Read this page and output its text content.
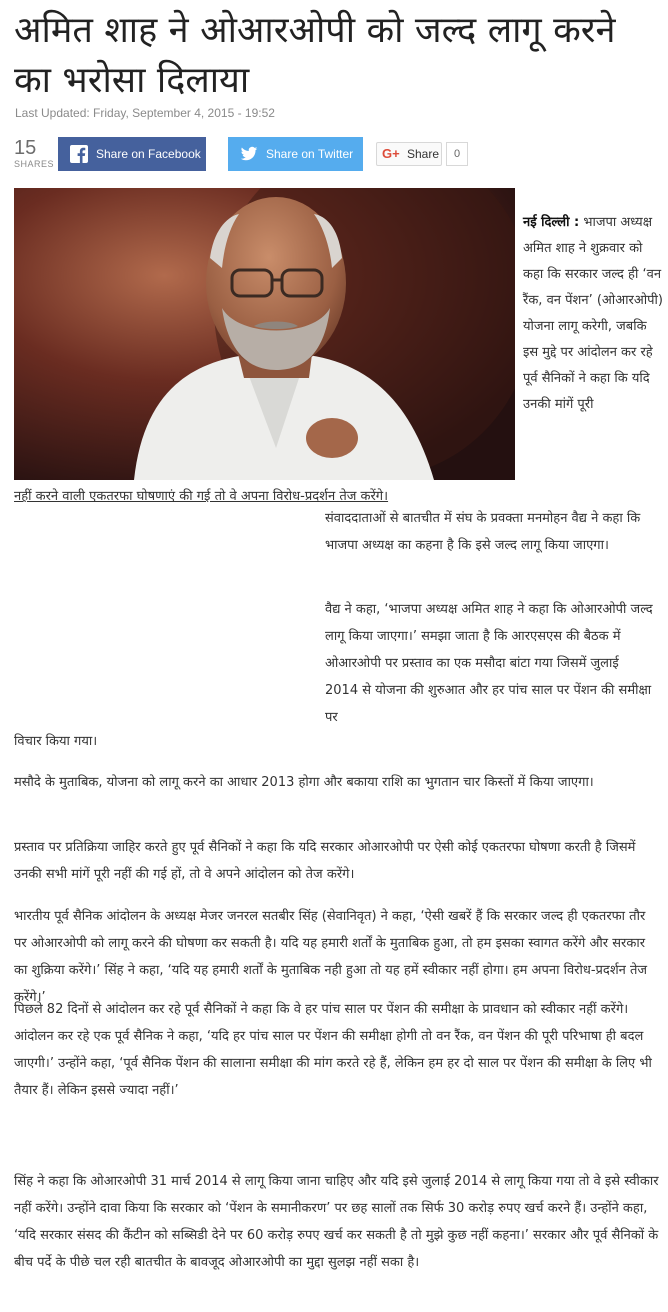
अमित शाह ने ओआरओपी को जल्द लागू करने का भरोसा दिलाया
Last Updated: Friday, September 4, 2015 - 19:52
15
SHARES
Share on Facebook	Share on Twitter	G+ Share	0

नई दिल्ली : भाजपा अध्यक्ष अमित शाह ने शुक्रवार को कहा कि सरकार जल्द ही ‘वन रैंक, वन पेंशन’ (ओआरओपी) योजना लागू करेगी, जबकि इस मुद्दे पर आंदोलन कर रहे पूर्व सैनिकों ने कहा कि यदि उनकी मांगें पूरी

नहीं करने वाली एकतरफा घोषणाएं की गई तो वे अपना विरोध-प्रदर्शन तेज करेंगे।

संवाददाताओं से बातचीत में संघ के प्रवक्ता मनमोहन वैद्य ने कहा कि भाजपा अध्यक्ष का कहना है कि इसे जल्द लागू किया जाएगा।

वैद्य ने कहा, ‘भाजपा अध्यक्ष अमित शाह ने कहा कि ओआरओपी जल्द लागू किया जाएगा।’ समझा जाता है कि आरएसएस की बैठक में ओआरओपी पर प्रस्ताव का एक मसौदा बांटा गया जिसमें जुलाई 2014 से योजना की शुरुआत और हर पांच साल पर पेंशन की समीक्षा पर

विचार किया गया।

मसौदे के मुताबिक, योजना को लागू करने का आधार 2013 होगा और बकाया राशि का भुगतान चार किस्तों में किया जाएगा।

प्रस्ताव पर प्रतिक्रिया जाहिर करते हुए पूर्व सैनिकों ने कहा कि यदि सरकार ओआरओपी पर ऐसी कोई एकतरफा घोषणा करती है जिसमें उनकी सभी मांगें पूरी नहीं की गई हों, तो वे अपने आंदोलन को तेज करेंगे।

भारतीय पूर्व सैनिक आंदोलन के अध्यक्ष मेजर जनरल सतबीर सिंह (सेवानिवृत) ने कहा, ‘ऐसी खबरें हैं कि सरकार जल्द ही एकतरफा तौर पर ओआरओपी को लागू करने की घोषणा कर सकती है। यदि यह हमारी शर्तों के मुताबिक हुआ, तो हम इसका स्वागत करेंगे और सरकार का शुक्रिया करेंगे।’ सिंह ने कहा, ‘यदि यह हमारी शर्तों के मुताबिक नही हुआ तो यह हमें स्वीकार नहीं होगा। हम अपना विरोध-प्रदर्शन तेज करेंगे।’

पिछले 82 दिनों से आंदोलन कर रहे पूर्व सैनिकों ने कहा कि वे हर पांच साल पर पेंशन की समीक्षा के प्रावधान को स्वीकार नहीं करेंगे। आंदोलन कर रहे एक पूर्व सैनिक ने कहा, ‘यदि हर पांच साल पर पेंशन की समीक्षा होगी तो वन रैंक, वन पेंशन की पूरी परिभाषा ही बदल जाएगी।’ उन्होंने कहा, ‘पूर्व सैनिक पेंशन की सालाना समीक्षा की मांग करते रहे हैं, लेकिन हम हर दो साल पर पेंशन की समीक्षा के लिए भी तैयार हैं। लेकिन इससे ज्यादा नहीं।’

सिंह ने कहा कि ओआरओपी 31 मार्च 2014 से लागू किया जाना चाहिए और यदि इसे जुलाई 2014 से लागू किया गया तो वे इसे स्वीकार नहीं करेंगे। उन्होंने दावा किया कि सरकार को ‘पेंशन के समानीकरण’ पर छह सालों तक सिर्फ 30 करोड़ रुपए खर्च करने हैं। उन्होंने कहा, ‘यदि सरकार संसद की कैंटीन को सब्सिडी देने पर 60 करोड़ रुपए खर्च कर सकती है तो मुझे कुछ नहीं कहना।’ सरकार और पूर्व सैनिकों के बीच पर्दे के पीछे चल रही बातचीत के बावजूद ओआरओपी का मुद्दा सुलझ नहीं सका है।
